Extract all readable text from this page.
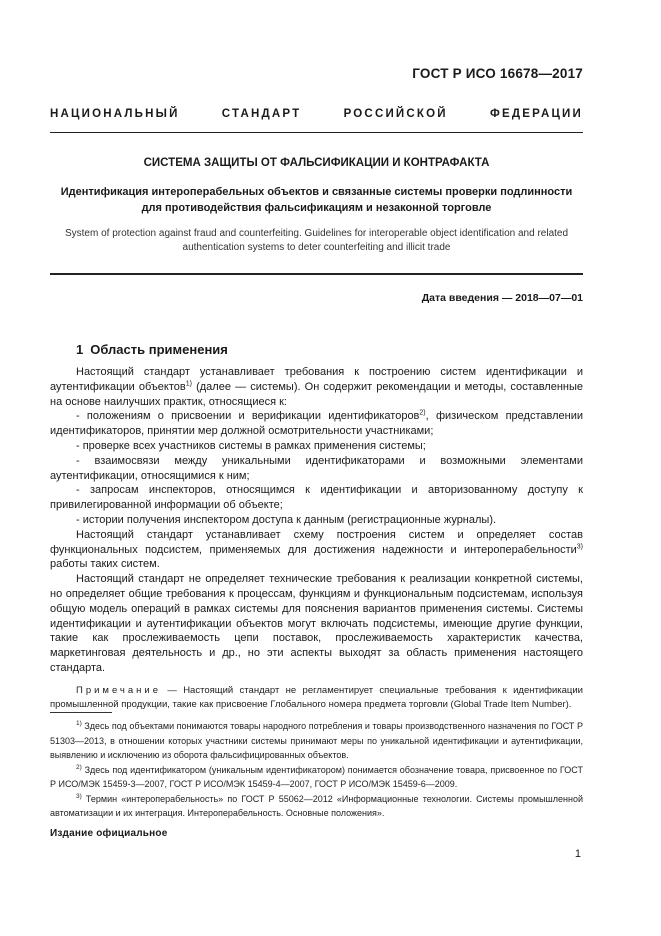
ГОСТ Р ИСО 16678—2017
НАЦИОНАЛЬНЫЙ СТАНДАРТ РОССИЙСКОЙ ФЕДЕРАЦИИ
СИСТЕМА ЗАЩИТЫ ОТ ФАЛЬСИФИКАЦИИ И КОНТРАФАКТА
Идентификация интероперабельных объектов и связанные системы проверки подлинности
для противодействия фальсификациям и незаконной торговле
System of protection against fraud and counterfeiting. Guidelines for interoperable object identification and related
authentication systems to deter counterfeiting and illicit trade
Дата введения — 2018—07—01
1 Область применения

Настоящий стандарт устанавливает требования к построению систем идентификации и аутентификации объектов$^{1)}$ (далее — системы). Он содержит рекомендации и методы, составленные на основе наилучших практик, относящиеся к:

- положениям о присвоении и верификации идентификаторов$^{2)}$, физическом представлении идентификаторов, принятии мер должной осмотрительности участниками;

- проверке всех участников системы в рамках применения системы;

- взаимосвязи между уникальными идентификаторами и возможными элементами аутентификации, относящимися к ним;

- запросам инспекторов, относящимся к идентификации и авторизованному доступу к привилегированной информации об объекте;

- истории получения инспектором доступа к данным (регистрационные журналы).

Настоящий стандарт устанавливает схему построения систем и определяет состав функциональных подсистем, применяемых для достижения надежности и интероперабельности$^{3)}$ работы таких систем.

Настоящий стандарт не определяет технические требования к реализации конкретной системы, но определяет общие требования к процессам, функциям и функциональным подсистемам, используя общую модель операций в рамках системы для пояснения вариантов применения системы. Системы идентификации и аутентификации объектов могут включать подсистемы, имеющие другие функции, такие как прослеживаемость цепи поставок, прослеживаемость характеристик качества, маркетинговая деятельность и др., но эти аспекты выходят за область применения настоящего стандарта.

Примечание — Настоящий стандарт не регламентирует специальные требования к идентификации промышленной продукции, такие как присвоение Глобального номера предмета торговли (Global Trade Item Number).

$^{1)}$ Здесь под объектами понимаются товары народного потребления и товары производственного назначения по ГОСТ Р 51303—2013, в отношении которых участники системы принимают меры по уникальной идентификации и аутентификации, выявлению и исключению из оборота фальсифицированных объектов.

$^{2)}$ Здесь под идентификатором (уникальным идентификатором) понимается обозначение товара, присвоенное по ГОСТ Р ИСО/МЭК 15459-3—2007, ГОСТ Р ИСО/МЭК 15459-4—2007, ГОСТ Р ИСО/МЭК 15459-6—2009.

$^{3)}$ Термин «интероперабельность» по ГОСТ Р 55062—2012 «Информационные технологии. Системы промышленной автоматизации и их интеграция. Интероперабельность. Основные положения».

Издание официальное
1
